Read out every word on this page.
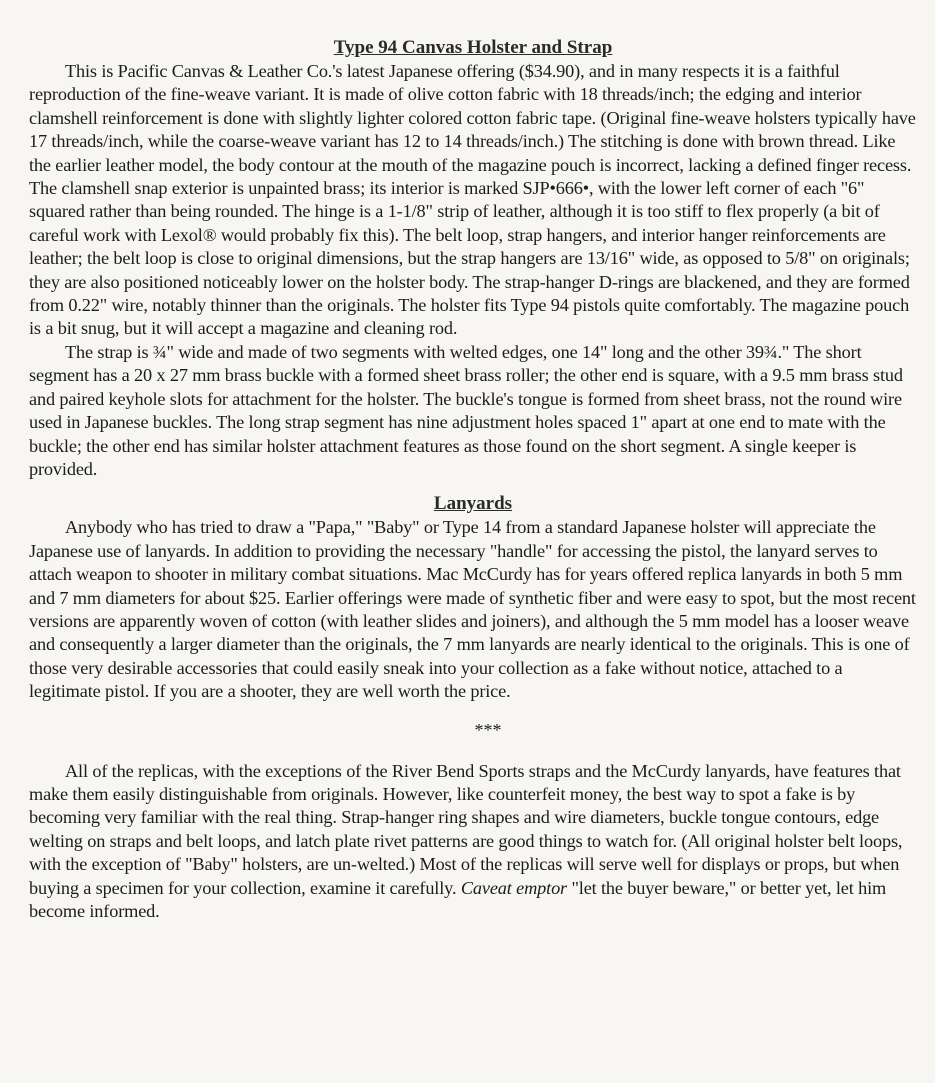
Type 94 Canvas Holster and Strap

This is Pacific Canvas & Leather Co.'s latest Japanese offering ($34.90), and in many respects it is a faithful reproduction of the fine-weave variant. It is made of olive cotton fabric with 18 threads/inch; the edging and interior clamshell reinforcement is done with slightly lighter colored cotton fabric tape. (Original fine-weave holsters typically have 17 threads/inch, while the coarse-weave variant has 12 to 14 threads/inch.) The stitching is done with brown thread. Like the earlier leather model, the body contour at the mouth of the magazine pouch is incorrect, lacking a defined finger recess. The clamshell snap exterior is unpainted brass; its interior is marked SJP•666•, with the lower left corner of each "6" squared rather than being rounded. The hinge is a 1-1/8" strip of leather, although it is too stiff to flex properly (a bit of careful work with Lexol® would probably fix this). The belt loop, strap hangers, and interior hanger reinforcements are leather; the belt loop is close to original dimensions, but the strap hangers are 13/16" wide, as opposed to 5/8" on originals; they are also positioned noticeably lower on the holster body. The strap-hanger D-rings are blackened, and they are formed from 0.22" wire, notably thinner than the originals. The holster fits Type 94 pistols quite comfortably. The magazine pouch is a bit snug, but it will accept a magazine and cleaning rod.

The strap is ¾" wide and made of two segments with welted edges, one 14" long and the other 39¾." The short segment has a 20 x 27 mm brass buckle with a formed sheet brass roller; the other end is square, with a 9.5 mm brass stud and paired keyhole slots for attachment for the holster. The buckle's tongue is formed from sheet brass, not the round wire used in Japanese buckles. The long strap segment has nine adjustment holes spaced 1" apart at one end to mate with the buckle; the other end has similar holster attachment features as those found on the short segment. A single keeper is provided.

Lanyards

Anybody who has tried to draw a "Papa," "Baby" or Type 14 from a standard Japanese holster will appreciate the Japanese use of lanyards. In addition to providing the necessary "handle" for accessing the pistol, the lanyard serves to attach weapon to shooter in military combat situations. Mac McCurdy has for years offered replica lanyards in both 5 mm and 7 mm diameters for about $25. Earlier offerings were made of synthetic fiber and were easy to spot, but the most recent versions are apparently woven of cotton (with leather slides and joiners), and although the 5 mm model has a looser weave and consequently a larger diameter than the originals, the 7 mm lanyards are nearly identical to the originals. This is one of those very desirable accessories that could easily sneak into your collection as a fake without notice, attached to a legitimate pistol. If you are a shooter, they are well worth the price.

***

All of the replicas, with the exceptions of the River Bend Sports straps and the McCurdy lanyards, have features that make them easily distinguishable from originals. However, like counterfeit money, the best way to spot a fake is by becoming very familiar with the real thing. Strap-hanger ring shapes and wire diameters, buckle tongue contours, edge welting on straps and belt loops, and latch plate rivet patterns are good things to watch for. (All original holster belt loops, with the exception of "Baby" holsters, are un-welted.) Most of the replicas will serve well for displays or props, but when buying a specimen for your collection, examine it carefully. Caveat emptor "let the buyer beware," or better yet, let him become informed.
